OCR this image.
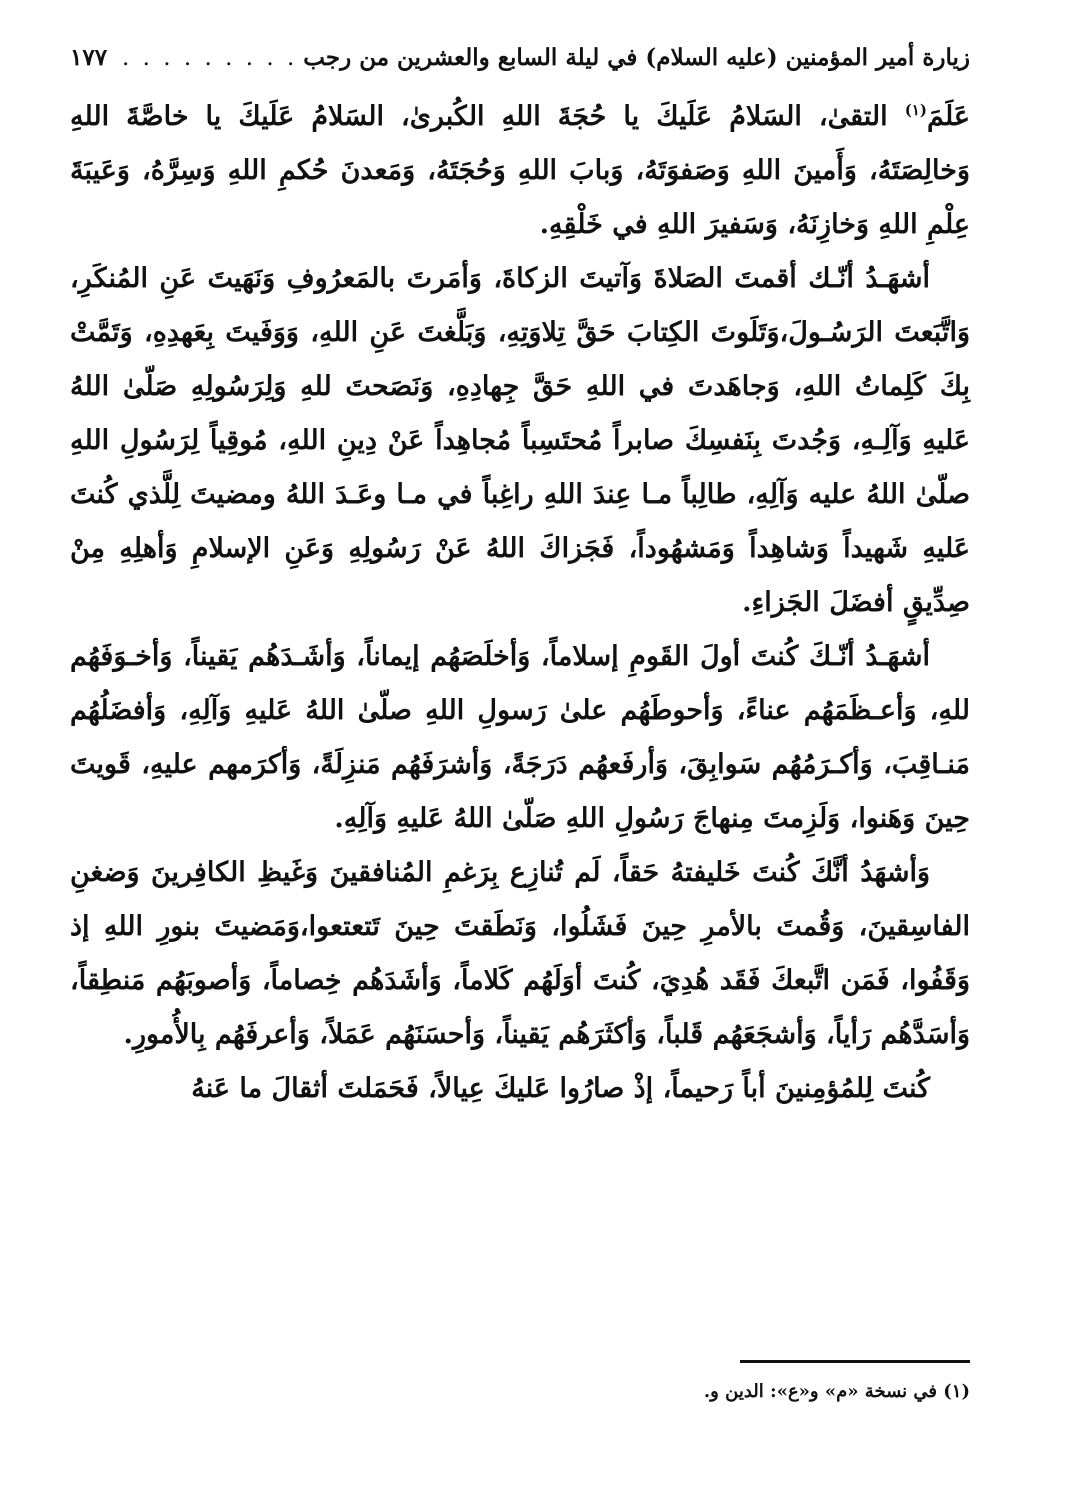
زيارة أمير المؤمنين (عليه السلام) في ليلة السابع والعشرين من رجب
. . .
١٧٧

عَلَمَ$^{(١)}$ التقىٰ، السَلامُ عَلَيكَ يا حُجَةَ اللهِ الكُبرىٰ، السَلامُ عَلَيكَ يا خاصَّةَ اللهِ وَخالِصَتَهُ، وَأَمينَ اللهِ وَصَفوَتَهُ، وَبابَ اللهِ وَحُجَتَهُ، وَمَعدنَ حُكمِ اللهِ وَسِرَّهُ، وَعَيبَةَ عِلْمِ اللهِ وَخازِنَهُ، وَسَفيرَ اللهِ في خَلْقِهِ.

أشهَـدُ أنّـك أقمتَ الصَلاةَ وَآتيتَ الزكاةَ، وَأمَرتَ بالمَعرُوفِ وَنَهَيتَ عَنِ المُنكَرِ، وَاتَّبَعتَ الرَسُـولَ،وَتَلَوتَ الكِتابَ حَقَّ تِلاوَتِهِ، وَبَلَّغتَ عَنِ اللهِ، وَوَفَيتَ بِعَهدِهِ، وَتَمَّتْ بِكَ كَلِماتُ اللهِ، وَجاهَدتَ في اللهِ حَقَّ جِهادِهِ، وَنَصَحتَ للهِ وَلِرَسُولِهِ صَلّىٰ اللهُ عَليهِ وَآلِـهِ، وَجُدتَ بِنَفسِكَ صابراً مُحتَسِباً مُجاهِداً عَنْ دِينِ اللهِ، مُوقِياً لِرَسُولِ اللهِ صلّىٰ اللهُ عليه وَآلِهِ، طالِباً مـا عِندَ اللهِ راغِباً في مـا وعَـدَ اللهُ ومضيتَ لِلَّذي كُنتَ عَليهِ شَهيداً وَشاهِداً وَمَشهُوداً، فَجَزاكَ اللهُ عَنْ رَسُولِهِ وَعَنِ الإسلامِ وَأهلِهِ مِنْ صِدِّيقٍ أفضَلَ الجَزاءِ.

أشهَـدُ أنّـكَ كُنتَ أولَ القَومِ إسلاماً، وَأخلَصَهُم إيماناً، وَأشَـدَهُم يَقيناً، وَأخـوَفَهُم للهِ، وَأعـظَمَهُم عناءً، وَأحوطَهُم علىٰ رَسولِ اللهِ صلّىٰ اللهُ عَليهِ وَآلِهِ، وَأفضَلُهُم مَنـاقِبَ، وَأكـرَمُهُم سَوابِقَ، وَأرفَعهُم دَرَجَةً، وَأشرَفَهُم مَنزِلَةً، وَأكرَمهم عليهِ، قَويتَ حِينَ وَهَنوا، وَلَزِمتَ مِنهاجَ رَسُولِ اللهِ صَلّىٰ اللهُ عَليهِ وَآلِهِ.

وَأشهَدُ أنَّكَ كُنتَ خَليفتهُ حَقاً، لَم تُنازِع بِرَغمِ المُنافقينَ وَغَيظِ الكافِرينَ وَضغنِ الفاسِقينَ، وَقُمتَ بالأمرِ حِينَ فَشَلُوا، وَنَطَقتَ حِينَ تَتعتعوا،وَمَضيتَ بنورِ اللهِ إذ وَقَفُوا، فَمَن اتَّبعكَ فَقَد هُدِيَ، كُنتَ أوَلَهُم كَلاماً، وَأشَدَهُم خِصاماً، وَأصوبَهُم مَنطِقاً، وَأسَدَّهُم رَأياً، وَأشجَعَهُم قَلباً، وَأكثَرَهُم يَقيناً، وَأحسَنَهُم عَمَلاً، وَأعرفَهُم بِالأُمورِ.

كُنتَ لِلمُؤمِنينَ أباً رَحيماً، إذْ صارُوا عَليكَ عِيالاً، فَحَمَلتَ أثقالَ ما عَنهُ

(١) في نسخة «م» و«ع»: الدين و.
